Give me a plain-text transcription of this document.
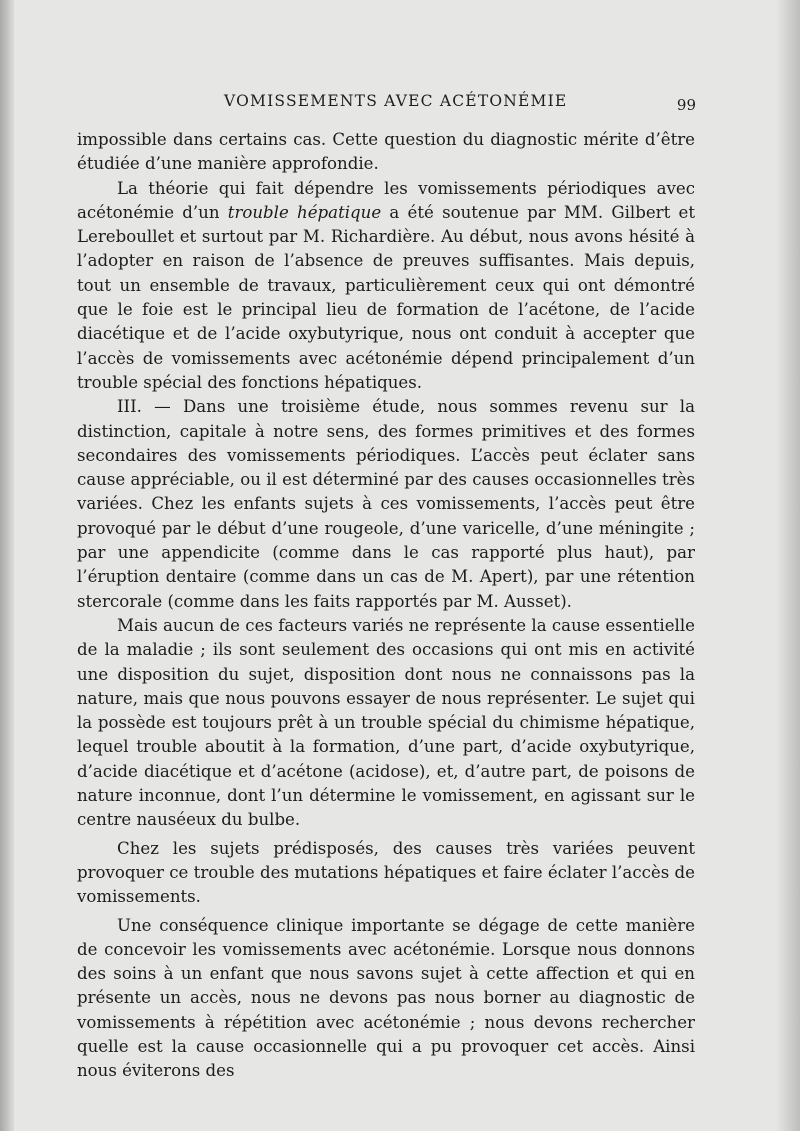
VOMISSEMENTS AVEC ACÉTONÉMIE	99

impossible dans certains cas. Cette question du diagnostic mérite d’être étudiée d’une manière approfondie.

La théorie qui fait dépendre les vomissements périodiques avec acétonémie d’un trouble hépatique a été soutenue par MM. Gilbert et Lereboullet et surtout par M. Richardière. Au début, nous avons hésité à l’adopter en raison de l’absence de preuves suffisantes. Mais depuis, tout un ensemble de travaux, particulièrement ceux qui ont démontré que le foie est le principal lieu de formation de l’acétone, de l’acide diacétique et de l’acide oxybutyrique, nous ont conduit à accepter que l’accès de vomissements avec acétonémie dépend principalement d’un trouble spécial des fonctions hépatiques.

III. — Dans une troisième étude, nous sommes revenu sur la distinction, capitale à notre sens, des formes primitives et des formes secondaires des vomissements périodiques. L’accès peut éclater sans cause appréciable, ou il est déterminé par des causes occasionnelles très variées. Chez les enfants sujets à ces vomissements, l’accès peut être provoqué par le début d’une rougeole, d’une varicelle, d’une méningite ; par une appendicite (comme dans le cas rapporté plus haut), par l’éruption dentaire (comme dans un cas de M. Apert), par une rétention stercorale (comme dans les faits rapportés par M. Ausset).

Mais aucun de ces facteurs variés ne représente la cause essentielle de la maladie ; ils sont seulement des occasions qui ont mis en activité une disposition du sujet, disposition dont nous ne connaissons pas la nature, mais que nous pouvons essayer de nous représenter. Le sujet qui la possède est toujours prêt à un trouble spécial du chimisme hépatique, lequel trouble aboutit à la formation, d’une part, d’acide oxybutyrique, d’acide diacétique et d’acétone (acidose), et, d’autre part, de poisons de nature inconnue, dont l’un détermine le vomissement, en agissant sur le centre nauséeux du bulbe.

Chez les sujets prédisposés, des causes très variées peuvent provoquer ce trouble des mutations hépatiques et faire éclater l’accès de vomissements.

Une conséquence clinique importante se dégage de cette manière de concevoir les vomissements avec acétonémie. Lorsque nous donnons des soins à un enfant que nous savons sujet à cette affection et qui en présente un accès, nous ne devons pas nous borner au diagnostic de vomissements à répétition avec acétonémie ; nous devons rechercher quelle est la cause occasionnelle qui a pu provoquer cet accès. Ainsi nous éviterons des
